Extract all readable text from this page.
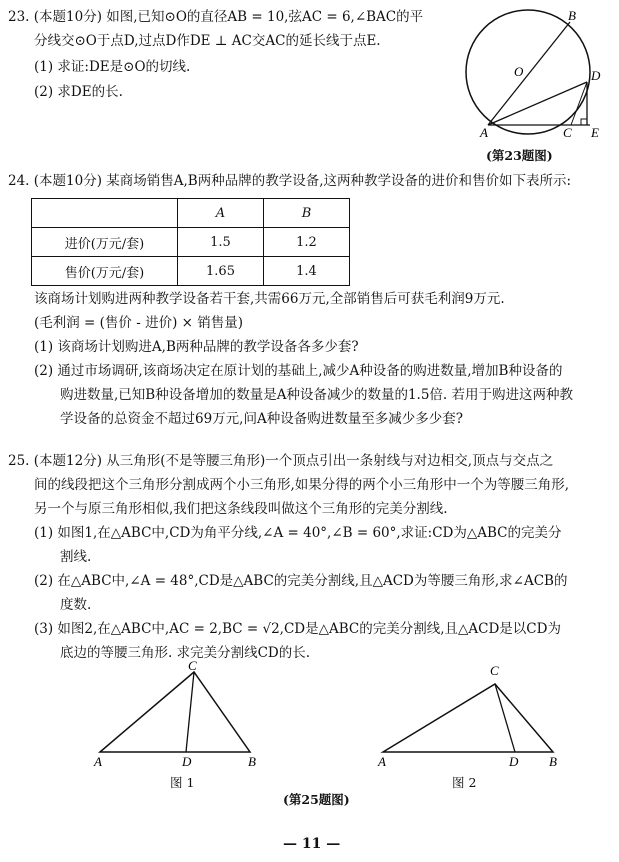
23. (本题10分) 如图,已知⊙O的直径AB = 10,弦AC = 6,∠BAC的平
分线交⊙O于点D,过点D作DE ⊥ AC交AC的延长线于点E.
(1) 求证:DE是⊙O的切线.
(2) 求DE的长.
B
O	D
A	C E
(第23题图)
24. (本题10分) 某商场销售A,B两种品牌的教学设备,这两种教学设备的进价和售价如下表所示:
	A	B
进价(万元/套)	1.5	1.2
售价(万元/套)	1.65	1.4
该商场计划购进两种教学设备若干套,共需66万元,全部销售后可获毛利润9万元.
(毛利润 = (售价 - 进价) × 销售量)
(1) 该商场计划购进A,B两种品牌的教学设备各多少套?
(2) 通过市场调研,该商场决定在原计划的基础上,减少A种设备的购进数量,增加B种设备的
购进数量,已知B种设备增加的数量是A种设备减少的数量的1.5倍. 若用于购进这两种教
学设备的总资金不超过69万元,问A种设备购进数量至多减少多少套?
25. (本题12分) 从三角形(不是等腰三角形)一个顶点引出一条射线与对边相交,顶点与交点之
间的线段把这个三角形分割成两个小三角形,如果分得的两个小三角形中一个为等腰三角形,
另一个与原三角形相似,我们把这条线段叫做这个三角形的完美分割线.
(1) 如图1,在△ABC中,CD为角平分线,∠A = 40°,∠B = 60°,求证:CD为△ABC的完美分
割线.
(2) 在△ABC中,∠A = 48°,CD是△ABC的完美分割线,且△ACD为等腰三角形,求∠ACB的
度数.
(3) 如图2,在△ABC中,AC = 2,BC = √2,CD是△ABC的完美分割线,且△ACD是以CD为
底边的等腰三角形. 求完美分割线CD的长.
C
A	D	B
图 1
C
A	D B
图 2
(第25题图)
— 11 —
